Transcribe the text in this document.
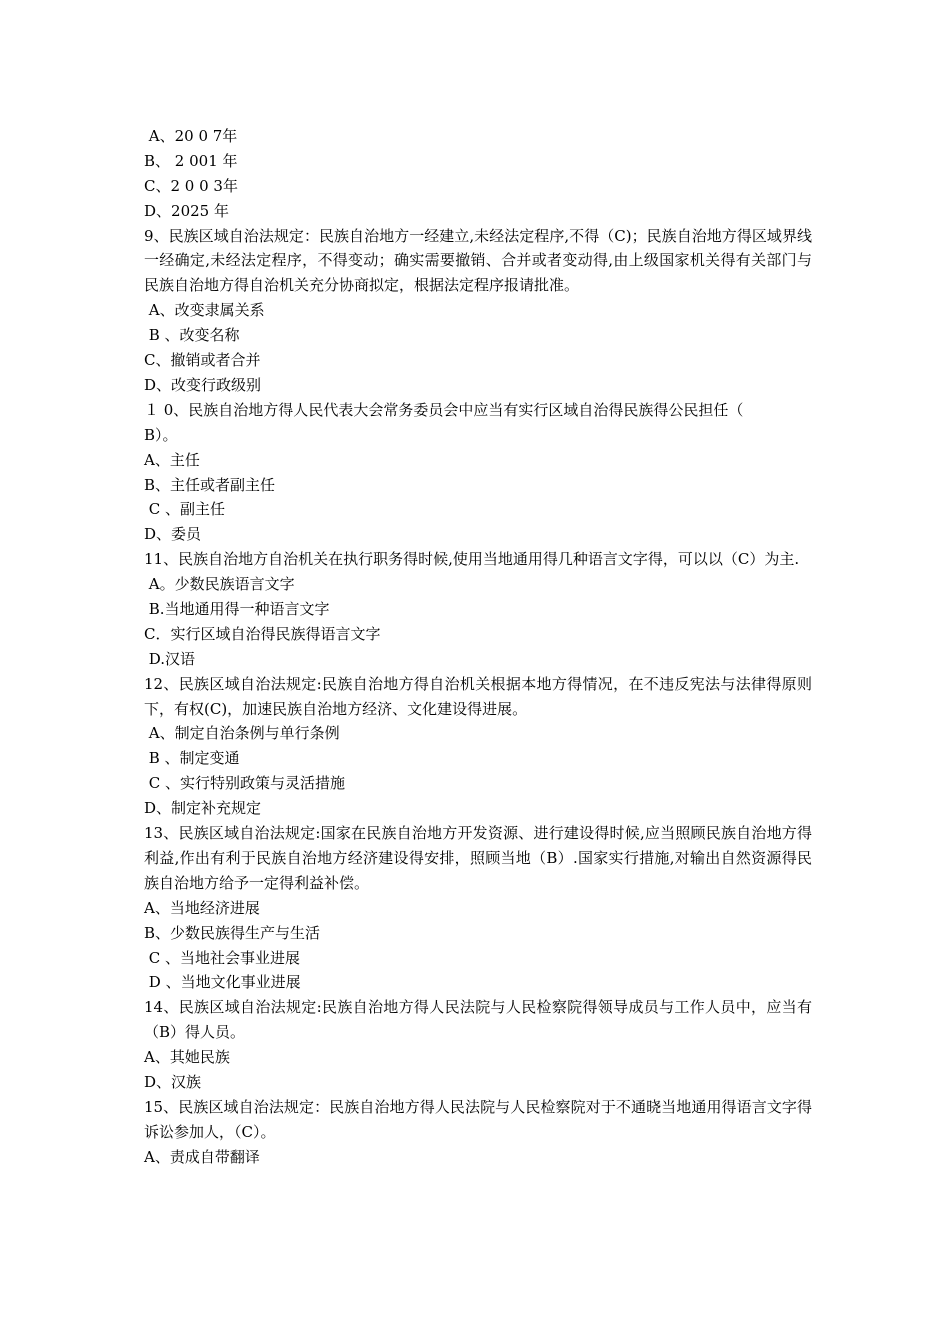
A、20 0 7年
B、 2 001 年
C、2 0 0 3年
D、2025 年
9、民族区域自治法规定：民族自治地方一经建立,未经法定程序,不得（C)；民族自治地方得区域界线一经确定,未经法定程序，不得变动；确实需要撤销、合并或者变动得,由上级国家机关得有关部门与民族自治地方得自治机关充分协商拟定，根据法定程序报请批准。
A、改变隶属关系
B 、改变名称
C、撤销或者合并
D、改变行政级别
１ 0、民族自治地方得人民代表大会常务委员会中应当有实行区域自治得民族得公民担任（
B）。
A、主任
B、主任或者副主任
C 、副主任
D、委员
11、民族自治地方自治机关在执行职务得时候,使用当地通用得几种语言文字得，可以以（C）为主.
A。少数民族语言文字
B.当地通用得一种语言文字
C．实行区域自治得民族得语言文字
D.汉语
12、民族区域自治法规定:民族自治地方得自治机关根据本地方得情况，在不违反宪法与法律得原则下，有权(C)，加速民族自治地方经济、文化建设得进展。
A、制定自治条例与单行条例
B 、制定变通
C 、实行特别政策与灵活措施
D、制定补充规定
13、民族区域自治法规定:国家在民族自治地方开发资源、进行建设得时候,应当照顾民族自治地方得利益,作出有利于民族自治地方经济建设得安排，照顾当地（B）.国家实行措施,对输出自然资源得民族自治地方给予一定得利益补偿。
A、当地经济进展
B、少数民族得生产与生活
C 、当地社会事业进展
D 、当地文化事业进展
14、民族区域自治法规定:民族自治地方得人民法院与人民检察院得领导成员与工作人员中，应当有（B）得人员。
A、其她民族
D、汉族
15、民族区域自治法规定：民族自治地方得人民法院与人民检察院对于不通晓当地通用得语言文字得诉讼参加人，（C）。
A、责成自带翻译
